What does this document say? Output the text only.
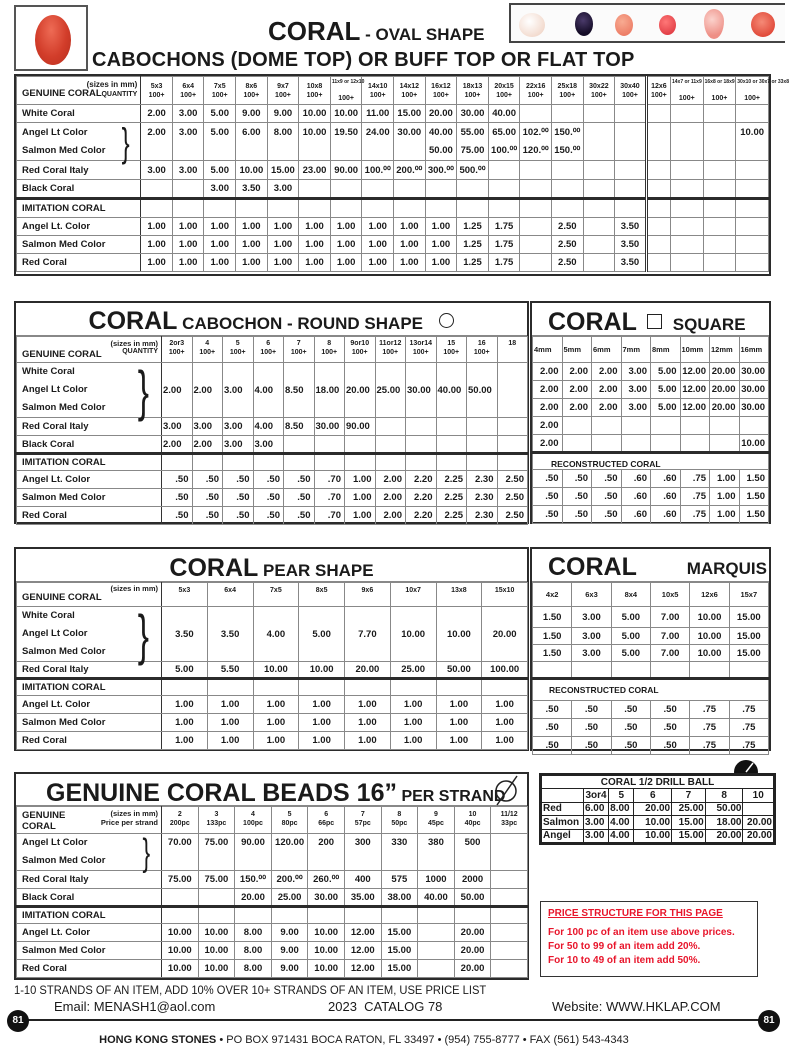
CORAL - OVAL SHAPE
CABOCHONS (DOME TOP) OR BUFF TOP OR FLAT TOP
GENUINE CORAL
(sizes in mm)
QUANTITY
	5x3
100+	6x4
100+	7x5
100+	8x6
100+	9x7
100+	10x8
100+	
11x9 or 12x10

100+	14x10
100+	14x12
100+	16x12
100+	18x13
100+	20x15
100+	22x16
100+	25x18
100+	30x22
100+	30x40
100+	12x6
100+	
14x7 or 11x9

100+	
16x8 or 18x9

100+	
30x10 or 30x7 or 33x8

100+
White Coral	2.00	3.00	5.00	9.00	9.00	10.00	10.00	11.00	15.00	20.00	30.00	40.00								
Angel Lt Color }	2.00	3.00	5.00	6.00	8.00	10.00	19.50	24.00	30.00	40.00	55.00	65.00	102.⁰⁰	150.⁰⁰						10.00
Salmon Med Color										50.00	75.00	100.⁰⁰	120.⁰⁰	150.⁰⁰						
Red Coral Italy	3.00	3.00	5.00	10.00	15.00	23.00	90.00	100.⁰⁰	200.⁰⁰	300.⁰⁰	500.⁰⁰									
Black Coral			3.00	3.50	3.00															
IMITATION CORAL																				
Angel Lt. Color	1.00	1.00	1.00	1.00	1.00	1.00	1.00	1.00	1.00	1.00	1.25	1.75		2.50		3.50				
Salmon Med Color	1.00	1.00	1.00	1.00	1.00	1.00	1.00	1.00	1.00	1.00	1.25	1.75		2.50		3.50				
Red Coral	1.00	1.00	1.00	1.00	1.00	1.00	1.00	1.00	1.00	1.00	1.25	1.75		2.50		3.50				
CORAL CABOCHON - ROUND SHAPE
GENUINE CORAL
(sizes in mm)
QUANTITY
	2or3
100+	4
100+	5
100+	6
100+	7
100+	8
100+	9or10
100+	11or12
100+	13or14
100+	15
100+	16
100+	18

White Coral
Angel Lt Color
Salmon Med Color }	2.00	2.00	3.00	4.00	8.50	18.00	20.00	25.00	30.00	40.00	50.00	
Red Coral Italy	3.00	3.00	3.00	4.00	8.50	30.00	90.00					
Black Coral	2.00	2.00	3.00	3.00								
IMITATION CORAL												
Angel Lt. Color	.50	.50	.50	.50	.50	.70	1.00	2.00	2.20	2.25	2.30	2.50
Salmon Med Color	.50	.50	.50	.50	.50	.70	1.00	2.00	2.20	2.25	2.30	2.50
Red Coral	.50	.50	.50	.50	.50	.70	1.00	2.00	2.20	2.25	2.30	2.50
CORAL SQUARE
4mm	5mm	6mm	7mm	8mm	10mm	12mm	16mm
2.00	2.00	2.00	3.00	5.00	12.00	20.00	30.00
2.00	2.00	2.00	3.00	5.00	12.00	20.00	30.00
2.00	2.00	2.00	3.00	5.00	12.00	20.00	30.00
2.00							
2.00							10.00
RECONSTRUCTED CORAL
.50	.50	.50	.60	.60	.75	1.00	1.50
.50	.50	.50	.60	.60	.75	1.00	1.50
.50	.50	.50	.60	.60	.75	1.00	1.50
CORAL PEAR SHAPE
GENUINE CORAL
(sizes in mm)	5x3	6x4	7x5	8x5	9x6	10x7	13x8	15x10

White Coral
Angel Lt Color
Salmon Med Color }	3.50	3.50	4.00	5.00	7.70	10.00	10.00	20.00
Red Coral Italy	5.00	5.50	10.00	10.00	20.00	25.00	50.00	100.00
IMITATION CORAL								
Angel Lt. Color	1.00	1.00	1.00	1.00	1.00	1.00	1.00	1.00
Salmon Med Color	1.00	1.00	1.00	1.00	1.00	1.00	1.00	1.00
Red Coral	1.00	1.00	1.00	1.00	1.00	1.00	1.00	1.00
CORAL	MARQUIS
4x2	6x3	8x4	10x5	12x6	15x7
1.50	3.00	5.00	7.00	10.00	15.00
1.50	3.00	5.00	7.00	10.00	15.00
1.50	3.00	5.00	7.00	10.00	15.00

RECONSTRUCTED CORAL
.50	.50	.50	.50	.75	.75
.50	.50	.50	.50	.75	.75
.50	.50	.50	.50	.75	.75
GENUINE CORAL BEADS 16” PER STRAND
GENUINE
CORAL
(sizes in mm)
Price per strand
	2
200pc	3
133pc	4
100pc	5
80pc	6
66pc	7
57pc	8
50pc	9
45pc	10
40pc	11/12
33pc

Angel Lt Color
Salmon Med Color }	70.00	75.00	90.00	120.00	200	300	330	380	500	
Red Coral Italy	75.00	75.00	150.⁰⁰	200.⁰⁰	260.⁰⁰	400	575	1000	2000	
Black Coral			20.00	25.00	30.00	35.00	38.00	40.00	50.00	
IMITATION CORAL										
Angel Lt. Color	10.00	10.00	8.00	9.00	10.00	12.00	15.00		20.00	
Salmon Med Color	10.00	10.00	8.00	9.00	10.00	12.00	15.00		20.00	
Red Coral	10.00	10.00	8.00	9.00	10.00	12.00	15.00		20.00	
CORAL 1/2 DRILL BALL
	3or4	5	6	7	8	10
Red	6.00	8.00	20.00	25.00	50.00	
Salmon	3.00	4.00	10.00	15.00	18.00	20.00
Angel	3.00	4.00	10.00	15.00	20.00	20.00
PRICE STRUCTURE FOR THIS PAGE
For 100 pc of an item use above prices.
For 50 to 99 of an item add 20%.
For 10 to 49 of an item add 50%.
1-10 STRANDS OF AN ITEM, ADD 10% OVER 10+ STRANDS OF AN ITEM, USE PRICE LIST
Email: MENASH1@aol.com	2023  CATALOG 78	Website: WWW.HKLAP.COM
81	81

HONG KONG STONES • PO BOX 971431 BOCA RATON, FL 33497 • (954) 755-8777 • FAX (561) 543-4343
